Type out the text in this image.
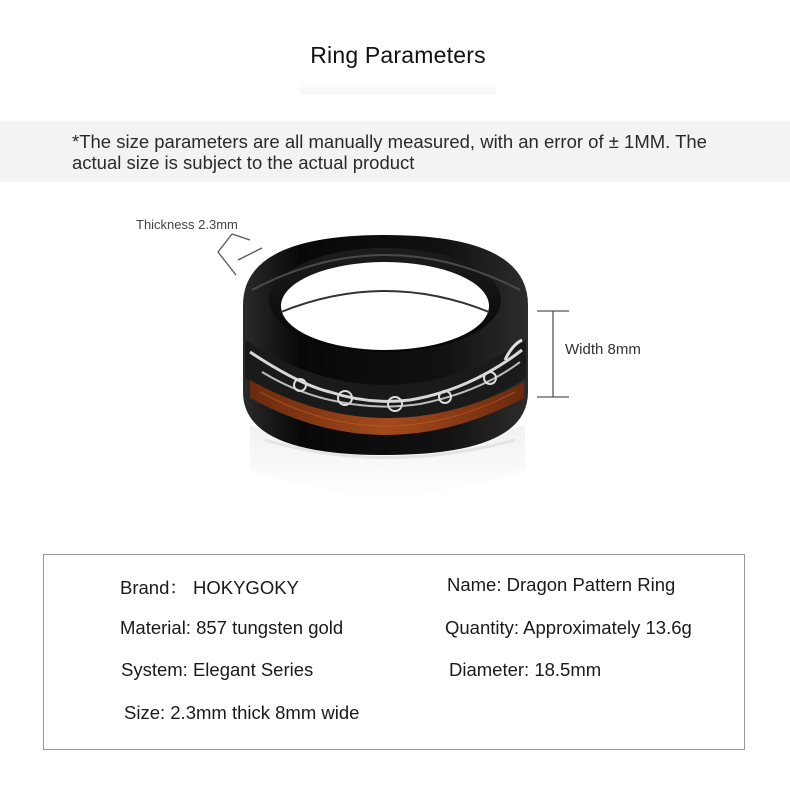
Ring Parameters
*The size parameters are all manually measured, with an error of ± 1MM. The actual size is subject to the actual product
Thickness 2.3mm
Width 8mm
Brand： HOKYGOKY	Name: Dragon Pattern Ring
Material: 857 tungsten gold	Quantity: Approximately 13.6g
System: Elegant Series	Diameter: 18.5mm
Size: 2.3mm thick 8mm wide
